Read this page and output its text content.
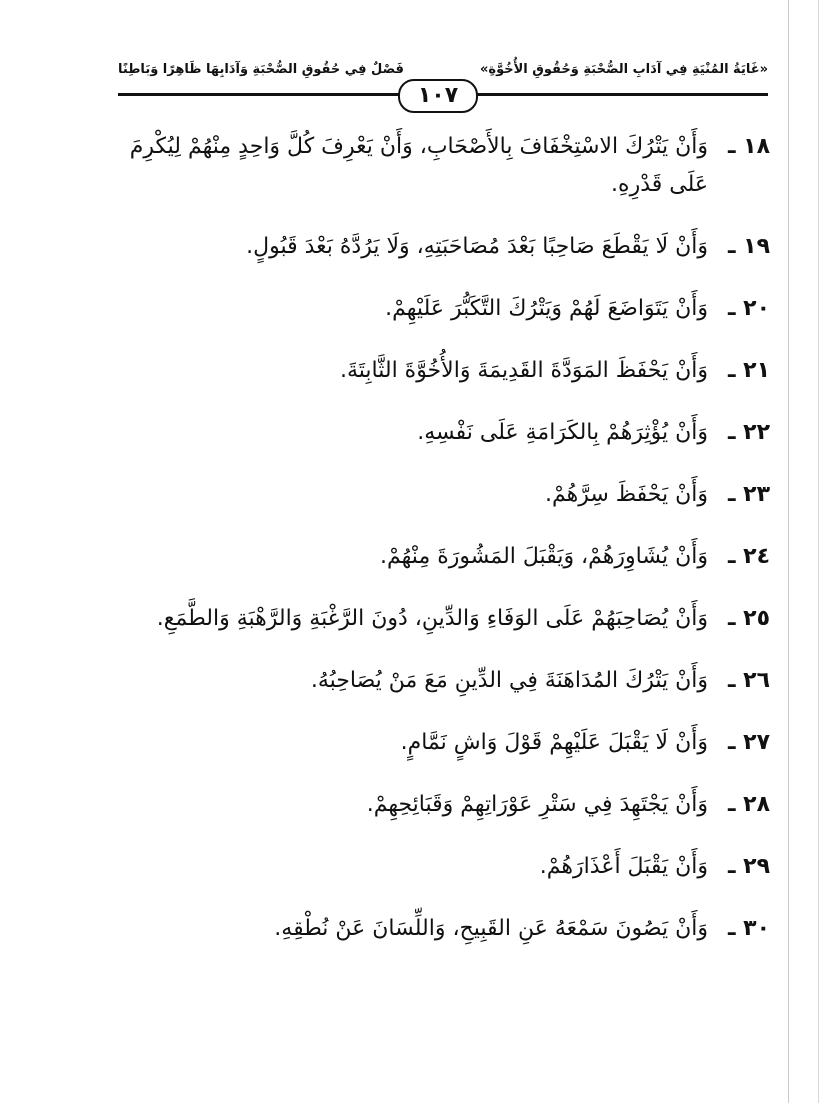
«غَايَةُ المُنْيَةِ فِي آدَابِ الصُّحْبَةِ وَحُقُوقِ الأُخُوَّةِ»
فَصْلٌ فِي حُقُوقِ الصُّحْبَةِ وَآدَابِهَا ظَاهِرًا وَبَاطِنًا
١٠٧
١٨ ـ
وَأَنْ يَتْرُكَ الاسْتِخْفَافَ بِالأَصْحَابِ، وَأَنْ يَعْرِفَ كُلَّ وَاحِدٍ مِنْهُمْ لِيُكْرِمَ عَلَى قَدْرِهِ.
١٩ ـ
وَأَنْ لَا يَقْطَعَ صَاحِبًا بَعْدَ مُصَاحَبَتِهِ، وَلَا يَرُدَّهُ بَعْدَ قَبُولٍ.
٢٠ ـ
وَأَنْ يَتَوَاضَعَ لَهُمْ وَيَتْرُكَ التَّكَبُّرَ عَلَيْهِمْ.
٢١ ـ
وَأَنْ يَحْفَظَ المَوَدَّةَ القَدِيمَةَ وَالأُخُوَّةَ الثَّابِتَةَ.
٢٢ ـ
وَأَنْ يُؤْثِرَهُمْ بِالكَرَامَةِ عَلَى نَفْسِهِ.
٢٣ ـ
وَأَنْ يَحْفَظَ سِرَّهُمْ.
٢٤ ـ
وَأَنْ يُشَاوِرَهُمْ، وَيَقْبَلَ المَشُورَةَ مِنْهُمْ.
٢٥ ـ
وَأَنْ يُصَاحِبَهُمْ عَلَى الوَفَاءِ وَالدِّينِ، دُونَ الرَّغْبَةِ وَالرَّهْبَةِ وَالطَّمَعِ.
٢٦ ـ
وَأَنْ يَتْرُكَ المُدَاهَنَةَ فِي الدِّينِ مَعَ مَنْ يُصَاحِبُهُ.
٢٧ ـ
وَأَنْ لَا يَقْبَلَ عَلَيْهِمْ قَوْلَ وَاشٍ نَمَّامٍ.
٢٨ ـ
وَأَنْ يَجْتَهِدَ فِي سَتْرِ عَوْرَاتِهِمْ وَقَبَائِحِهِمْ.
٢٩ ـ
وَأَنْ يَقْبَلَ أَعْذَارَهُمْ.
٣٠ ـ
وَأَنْ يَصُونَ سَمْعَهُ عَنِ القَبِيحِ، وَاللِّسَانَ عَنْ نُطْقِهِ.
